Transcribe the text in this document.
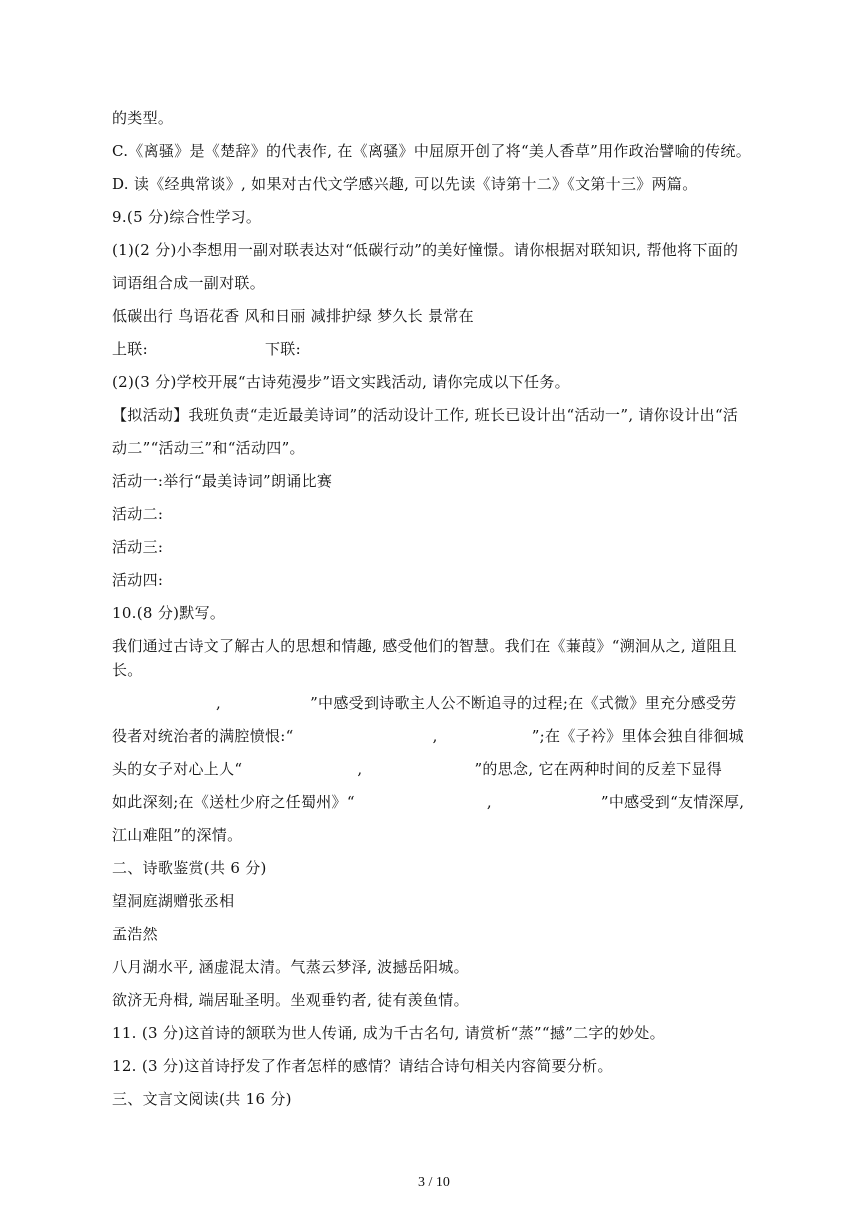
的类型。
C.《离骚》是《楚辞》的代表作, 在《离骚》中屈原开创了将“美人香草”用作政治譬喻的传统。
D. 读《经典常谈》, 如果对古代文学感兴趣, 可以先读《诗第十二》《文第十三》两篇。
9.(5 分)综合性学习。
(1)(2 分)小李想用一副对联表达对“低碳行动”的美好憧憬。请你根据对联知识, 帮他将下面的
词语组合成一副对联。
低碳出行 鸟语花香 风和日丽 减排护绿 梦久长 景常在
上联:	下联:
(2)(3 分)学校开展“古诗苑漫步”语文实践活动, 请你完成以下任务。
【拟活动】我班负责“走近最美诗词”的活动设计工作, 班长已设计出“活动一”, 请你设计出“活
动二”“活动三”和“活动四”。
活动一:举行“最美诗词”朗诵比赛
活动二:
活动三:
活动四:
10.(8 分)默写。
我们通过古诗文了解古人的思想和情趣, 感受他们的智慧。我们在《蒹葭》“溯洄从之, 道阻且
长。
,	”中感受到诗歌主人公不断追寻的过程;在《式微》里充分感受劳
役者对统治者的满腔愤恨:“	,	”;在《子衿》里体会独自徘徊城
头的女子对心上人“	,	”的思念, 它在两种时间的反差下显得
如此深刻;在《送杜少府之任蜀州》“	,	”中感受到“友情深厚,
江山难阻”的深情。
二、诗歌鉴赏(共 6 分)
望洞庭湖赠张丞相
孟浩然
八月湖水平, 涵虚混太清。气蒸云梦泽, 波撼岳阳城。
欲济无舟楫, 端居耻圣明。坐观垂钓者, 徒有羡鱼情。
11. (3 分)这首诗的颔联为世人传诵, 成为千古名句, 请赏析“蒸”“撼”二字的妙处。
12. (3 分)这首诗抒发了作者怎样的感情？请结合诗句相关内容简要分析。
三、文言文阅读(共 16 分)
3 / 10
